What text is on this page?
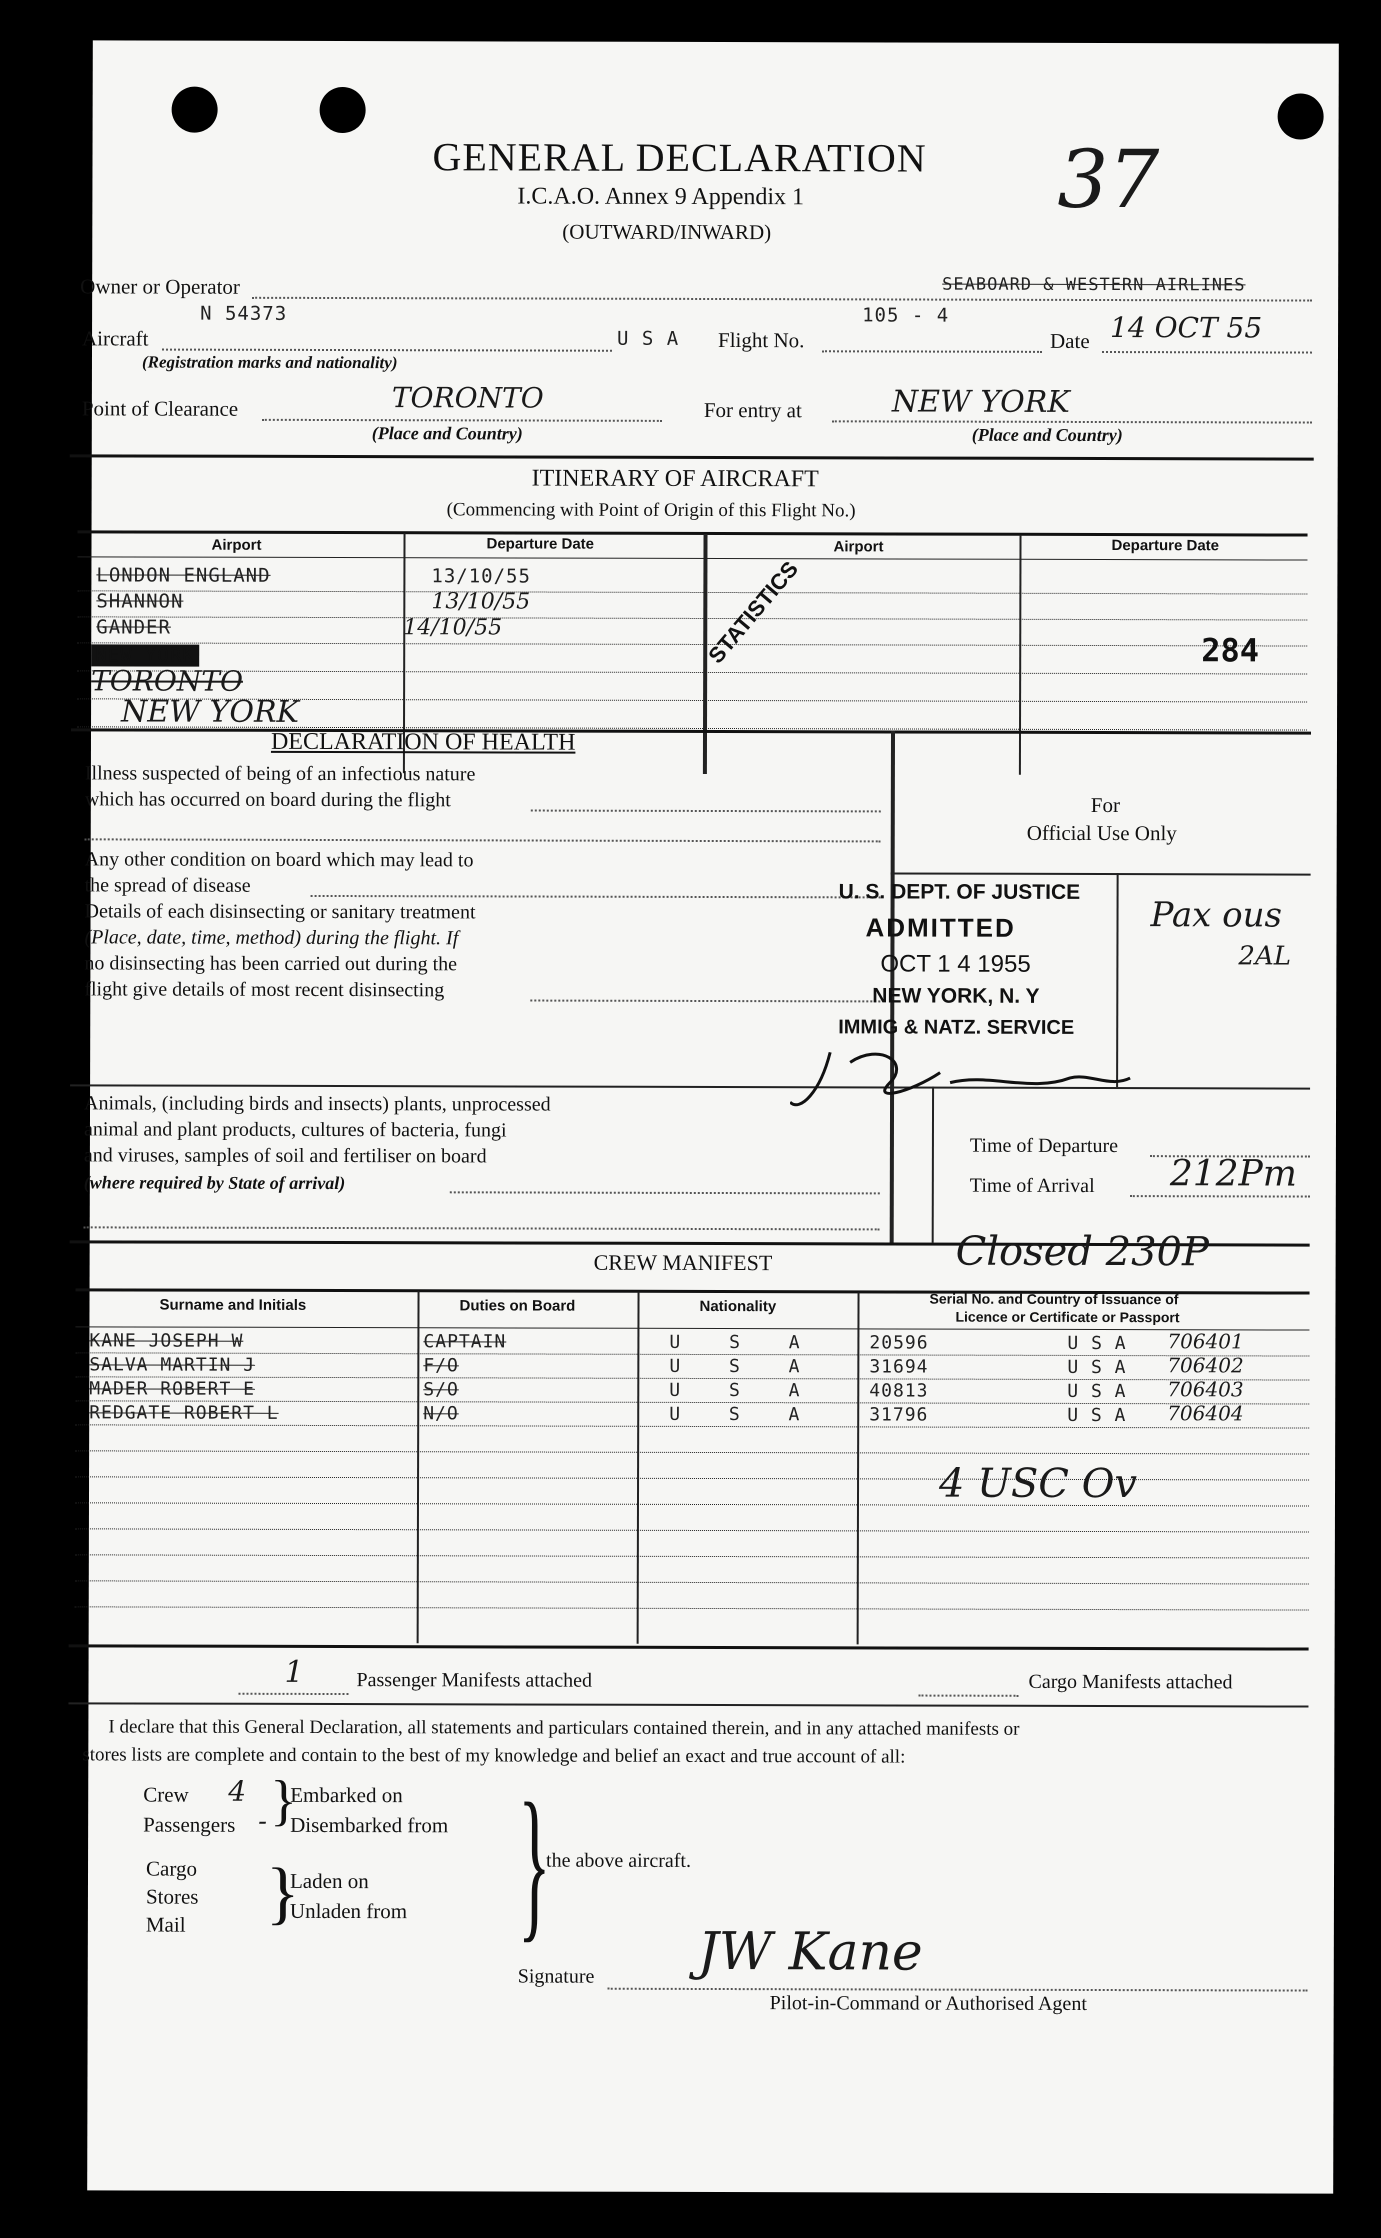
GENERAL DECLARATION
I.C.A.O. Annex 9 Appendix 1
(OUTWARD/INWARD)
37
Owner or Operator	SEABOARD & WESTERN AIRLINES
N 54373
Aircraft
(Registration marks and nationality)
U S A Flight No.
105 - 4
Date 14 OCT 55
Point of Clearance	TORONTO
(Place and Country)
For entry at	NEW YORK
(Place and Country)
ITINERARY OF AIRCRAFT
(Commencing with Point of Origin of this Flight No.)
Airport	Departure Date	Airport	Departure Date
LONDON ENGLAND	13/10/55
SHANNON	13/10/55
GANDER	14/10/55
NEW YORK
TORONTO
NEW YORK
STATISTICS	284
DECLARATION OF HEALTH
Illness suspected of being of an infectious nature
which has occurred on board during the flight
Any other condition on board which may lead to
the spread of disease
Details of each disinsecting or sanitary treatment
(Place, date, time, method) during the flight. If
no disinsecting has been carried out during the
flight give details of most recent disinsecting
Animals, (including birds and insects) plants, unprocessed
animal and plant products, cultures of bacteria, fungi
and viruses, samples of soil and fertiliser on board
(where required by State of arrival)
For
Official Use Only
U. S. DEPT. OF JUSTICE
ADMITTED
OCT 1 4 1955
NEW YORK, N. Y
IMMIG & NATZ. SERVICE
Pax ous
2AL
Time of Departure
Time of Arrival 212Pm
CREW MANIFEST	Closed 230P
Surname and Initials	Duties on Board	Nationality	Serial No. and Country of Issuance of
Licence or Certificate or Passport
KANE JOSEPH W	CAPTAIN	U S A	20596	U S A 706401
SALVA MARTIN J	F/O	U S A	31694	U S A 706402
MADER ROBERT E	S/O	U S A	40813	U S A 706403
REDGATE ROBERT L	N/O	U S A	31796	U S A 706404
4 USC Ov
1	Passenger Manifests attached	Cargo Manifests attached
I declare that this General Declaration, all statements and particulars contained therein, and in any attached manifests or
stores lists are complete and contain to the best of my knowledge and belief an exact and true account of all:
Crew 4
Passengers - }
Embarked on
Disembarked from
Cargo
Stores
Mail }
Laden on
Unladen from }
the above aircraft.
Signature JW Kane
Pilot-in-Command or Authorised Agent
